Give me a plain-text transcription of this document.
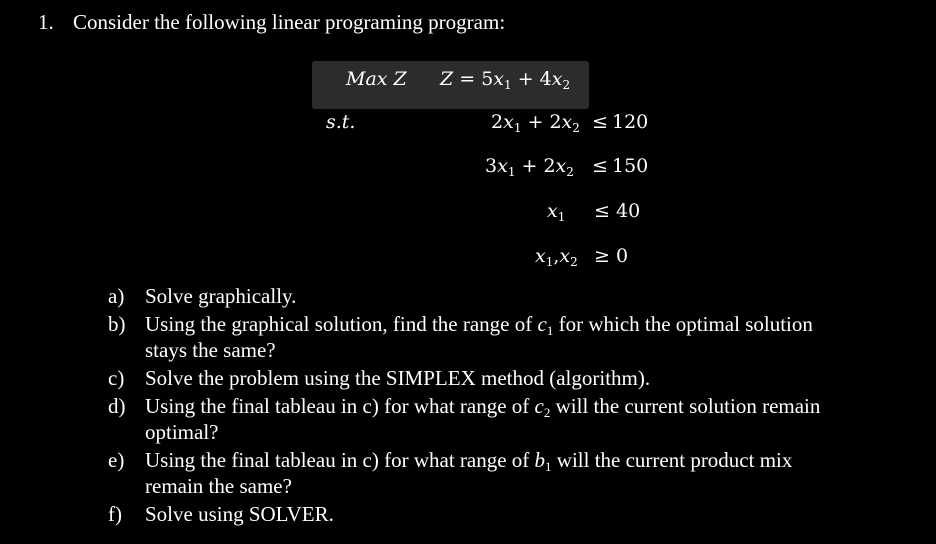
1. Consider the following linear programing program:
Max Z $Z = 5x_1 + 4x_2$
s.t.	$2x_1 + 2x_2 \le 120$
$3x_1 + 2x_2 \le 150$
$x_1 \le 40$
$x_1,x_2 \ge 0$
a) Solve graphically.
b) Using the graphical solution, find the range of $c_1$ for which the optimal solution
stays the same?
c) Solve the problem using the SIMPLEX method (algorithm).
d) Using the final tableau in c) for what range of $c_2$ will the current solution remain
optimal?
e) Using the final tableau in c) for what range of $b_1$ will the current product mix
remain the same?
f) Solve using SOLVER.
